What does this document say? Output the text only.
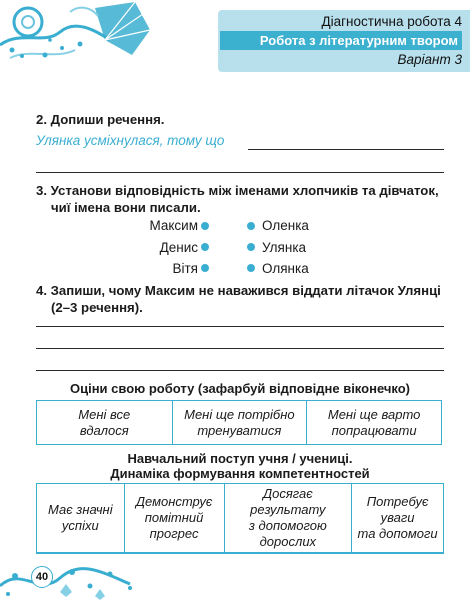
Діагностична робота 4
Робота з літературним твором
Варіант 3
2. Допиши речення.
Улянка усміхнулася, тому що
3. Установи відповідність між іменами хлопчиків та дівчаток,
чиї імена вони писали.
Максим
Денис
Вітя
Оленка
Улянка
Олянка
4. Запиши, чому Максим не наважився віддати літачок Улянці
(2–3 речення).
Оціни свою роботу (зафарбуй відповідне віконечко)
Мені все
вдалося

Мені ще потрібно
тренуватися

Мені ще варто
попрацювати
Навчальний поступ учня / учениці.
Динаміка формування компетентностей
Має значні
успіхи

Демонструє
помітний
прогрес

Досягає результату
з допомогою
дорослих

Потребує
уваги
та допомоги
40
